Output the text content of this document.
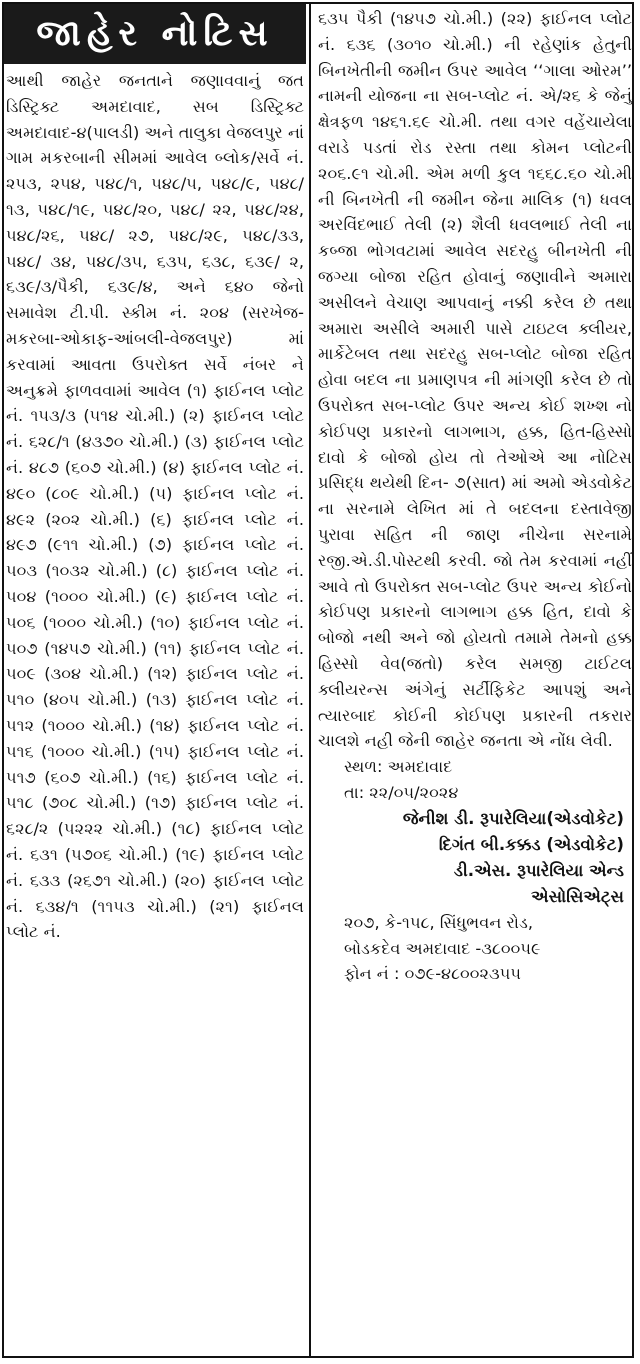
જાહેર નોટિસ

આથી જાહેર જનતાને જણાવવાનું જત ડિસ્ટ્રિક્ટ અમદાવાદ, સબ ડિસ્ટ્રિક્ટ અમદાવાદ-૪(પાલડી) અને તાલુકા વેજલપુર નાં ગામ મકરબાની સીમમાં આવેલ બ્લોક/સર્વે નં. ૨૫૩, ૨૫૪, ૫૪૮/૧, ૫૪૮/૫, ૫૪૮/૯, ૫૪૮/ ૧૩, ૫૪૮/૧૯, ૫૪૮/૨૦, ૫૪૮/ ૨૨, ૫૪૮/૨૪, ૫૪૮/૨૬, ૫૪૮/ ૨૭, ૫૪૮/૨૯, ૫૪૮/૩૩, ૫૪૮/ ૩૪, ૫૪૮/૩૫, ૬૩૫, ૬૩૮, ૬૩૯/ ૨, ૬૩૯/૩/પૈકી, ૬૩૯/૪, અને ૬૪૦ જેનો સમાવેશ ટી.પી. સ્કીમ નં. ૨૦૪ (સરખેજ-મકરબા-ઓકાફ-આંબલી-વેજલપુર) માં કરવામાં આવતા ઉપરોક્ત સર્વે નંબર ને અનુક્રમે ફાળવવામાં આવેલ (૧) ફાઈનલ પ્લોટ નં. ૧૫૩/૩ (૫૧૪ ચો.મી.) (૨) ફાઈનલ પ્લોટ નં. ૬૨૮/૧ (૪૩૭૦ ચો.મી.) (૩) ફાઈનલ પ્લોટ નં. ૪૮૭ (૬૦૭ ચો.મી.) (૪) ફાઈનલ પ્લોટ નં. ૪૯૦ (૮૦૯ ચો.મી.) (૫) ફાઈનલ પ્લોટ નં. ૪૯૨ (૨૦૨ ચો.મી.) (૬) ફાઈનલ પ્લોટ નં. ૪૯૭ (૯૧૧ ચો.મી.) (૭) ફાઈનલ પ્લોટ નં. ૫૦૩ (૧૦૩૨ ચો.મી.) (૮) ફાઈનલ પ્લોટ નં. ૫૦૪ (૧૦૦૦ ચો.મી.) (૯) ફાઈનલ પ્લોટ નં. ૫૦૬ (૧૦૦૦ ચો.મી.) (૧૦) ફાઈનલ પ્લોટ નં. ૫૦૭ (૧૪૫૭ ચો.મી.) (૧૧) ફાઈનલ પ્લોટ નં. ૫૦૯ (૩૦૪ ચો.મી.) (૧૨) ફાઈનલ પ્લોટ નં. ૫૧૦ (૪૦૫ ચો.મી.) (૧૩) ફાઈનલ પ્લોટ નં. ૫૧૨ (૧૦૦૦ ચો.મી.) (૧૪) ફાઈનલ પ્લોટ નં. ૫૧૬ (૧૦૦૦ ચો.મી.) (૧૫) ફાઈનલ પ્લોટ નં. ૫૧૭ (૬૦૭ ચો.મી.) (૧૬) ફાઈનલ પ્લોટ નં. ૫૧૮ (૭૦૮ ચો.મી.) (૧૭) ફાઈનલ પ્લોટ નં. ૬૨૮/૨ (૫૨૨૨ ચો.મી.) (૧૮) ફાઈનલ પ્લોટ નં. ૬૩૧ (૫૭૦૬ ચો.મી.) (૧૯) ફાઈનલ પ્લોટ નં. ૬૩૩ (૨૬૭૧ ચો.મી.) (૨૦) ફાઈનલ પ્લોટ નં. ૬૩૪/૧ (૧૧૫૩ ચો.મી.) (૨૧) ફાઈનલ પ્લોટ નં.

૬૩૫ પૈકી (૧૪૫૭ ચો.મી.) (૨૨) ફાઈનલ પ્લોટ નં. ૬૩૬ (૩૦૧૦ ચો.મી.) ની રહેણાંક હેતુની બિનખેતીની જમીન ઉપર આવેલ ‘‘ગાલા ઓરમ’’ નામની યોજના ના સબ-પ્લોટ નં. એ/૨૬ કે જેનું ક્ષેત્રફળ ૧૪૬૧.૬૯ ચો.મી. તથા વગર વહેંચાયેલા વરાડે પડતાં રોડ રસ્તા તથા કોમન પ્લોટની ૨૦૬.૯૧ ચો.મી. એમ મળી કુલ ૧૬૬૮.૬૦ ચો.મી ની બિનખેતી ની જમીન જેના માલિક (૧) ધવલ અરવિંદભાઈ તેલી (૨) શૈલી ધવલભાઈ તેલી ના કબ્જા ભોગવટામાં આવેલ સદરહુ બીનખેતી ની જગ્યા બોજા રહિત હોવાનું જણાવીને અમારા અસીલને વેચાણ આપવાનું નક્કી કરેલ છે તથા અમારા અસીલે અમારી પાસે ટાઇટલ ક્લીયર, માર્કેટેબલ તથા સદરહુ સબ-પ્લોટ બોજા રહિત હોવા બદલ ના પ્રમાણપત્ર ની માંગણી કરેલ છે તો ઉપરોક્ત સબ-પ્લોટ ઉપર અન્ય કોઈ શખ્શ નો કોઈપણ પ્રકારનો લાગભાગ, હક્ક, હિત-હિસ્સો દાવો કે બોજો હોય તો તેઓએ આ નોટિસ પ્રસિદ્ધ થયેથી દિન- ૭(સાત) માં અમો એડવોકેટ ના સરનામે લેખિત માં તે બદલના દસ્તાવેજી પુરાવા સહિત ની જાણ નીચેના સરનામે રજી.એ.ડી.પોસ્ટથી કરવી. જો તેમ કરવામાં નહીં આવે તો ઉપરોક્ત સબ-પ્લોટ ઉપર અન્ય કોઈનો કોઈપણ પ્રકારનો લાગભાગ હક્ક હિત, દાવો કે બોજો નથી અને જો હોયતો તમામે તેમનો હક્ક હિસ્સો વેવ(જતો) કરેલ સમજી ટાઈટલ ક્લીયરન્સ અંગેનું સર્ટીફિકેટ આપશું અને ત્યારબાદ કોઈની કોઈપણ પ્રકારની તકરાર ચાલશે નહી જેની જાહેર જનતા એ નોંધ લેવી.

સ્થળ: અમદાવાદ

તા: ૨૨/૦૫/૨૦૨૪

જેનીશ ડી. રૂપારેલિયા(એડવોકેટ)

દિગંત બી.કક્કડ (એડવોકેટ)

ડી.એસ. રૂપારેલિયા એન્ડ

એસોસિએટ્સ

૨૦૭, કે-૧૫૮, સિંધુભવન રોડ,

બોડકદેવ અમદાવાદ -૩૮૦૦૫૯

ફોન નં : ૦૭૯-૪૮૦૦૨૩૫૫
